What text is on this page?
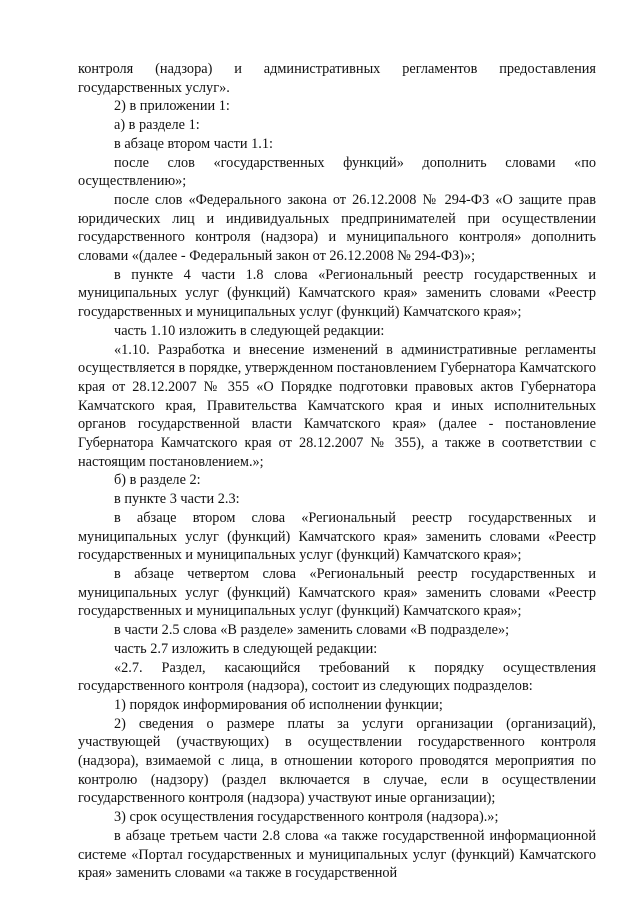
контроля (надзора) и административных регламентов предоставления государственных услуг».

2) в приложении 1:

а) в разделе 1:

в абзаце втором части 1.1:

после слов «государственных функций» дополнить словами «по осуществлению»;

после слов «Федерального закона от 26.12.2008 № 294-ФЗ «О защите прав юридических лиц и индивидуальных предпринимателей при осуществлении государственного контроля (надзора) и муниципального контроля» дополнить словами «(далее - Федеральный закон от 26.12.2008 № 294-ФЗ)»;

в пункте 4 части 1.8 слова «Региональный реестр государственных и муниципальных услуг (функций) Камчатского края» заменить словами «Реестр государственных и муниципальных услуг (функций) Камчатского края»;

часть 1.10 изложить в следующей редакции:

«1.10. Разработка и внесение изменений в административные регламенты осуществляется в порядке, утвержденном постановлением Губернатора Камчатского края от 28.12.2007 № 355 «О Порядке подготовки правовых актов Губернатора Камчатского края, Правительства Камчатского края и иных исполнительных органов государственной власти Камчатского края» (далее - постановление Губернатора Камчатского края от 28.12.2007 № 355), а также в соответствии с настоящим постановлением.»;

б) в разделе 2:

в пункте 3 части 2.3:

в абзаце втором слова «Региональный реестр государственных и муниципальных услуг (функций) Камчатского края» заменить словами «Реестр государственных и муниципальных услуг (функций) Камчатского края»;

в абзаце четвертом слова «Региональный реестр государственных и муниципальных услуг (функций) Камчатского края» заменить словами «Реестр государственных и муниципальных услуг (функций) Камчатского края»;

в части 2.5 слова «В разделе» заменить словами «В подразделе»;

часть 2.7 изложить в следующей редакции:

«2.7. Раздел, касающийся требований к порядку осуществления государственного контроля (надзора), состоит из следующих подразделов:

1) порядок информирования об исполнении функции;

2) сведения о размере платы за услуги организации (организаций), участвующей (участвующих) в осуществлении государственного контроля (надзора), взимаемой с лица, в отношении которого проводятся мероприятия по контролю (надзору) (раздел включается в случае, если в осуществлении государственного контроля (надзора) участвуют иные организации);

3) срок осуществления государственного контроля (надзора).»;

в абзаце третьем части 2.8 слова «а также государственной информационной системе «Портал государственных и муниципальных услуг (функций) Камчатского края» заменить словами «а также в государственной
